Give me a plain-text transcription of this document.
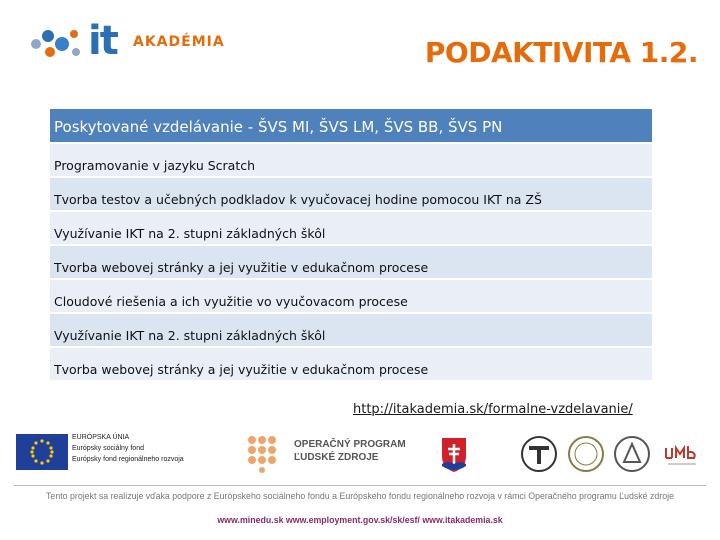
it AKADÉMIA	PODAKTIVITA 1.2.
Poskytované vzdelávanie - ŠVS MI, ŠVS LM, ŠVS BB, ŠVS PN
Programovanie v jazyku Scratch
Tvorba testov a učebných podkladov k vyučovacej hodine pomocou IKT na ZŠ
Využívanie IKT na 2. stupni základných škôl
Tvorba webovej stránky a jej využitie v edukačnom procese
Cloudové riešenia a ich využitie vo vyučovacom procese
Využívanie IKT na 2. stupni základných škôl
Tvorba webovej stránky a jej využitie v edukačnom procese
http://itakademia.sk/formalne-vzdelavanie/
EURÓPSKA ÚNIA
Európsky sociálny fond
Európsky fond regionálneho rozvoja
OPERAČNÝ PROGRAM
ĽUDSKÉ ZDROJE
Tento projekt sa realizuje vďaka podpore z Európskeho sociálneho fondu a Európskeho fondu regionálneho rozvoja v rámci Operačného programu Ľudské zdroje
www.minedu.sk www.employment.gov.sk/sk/esf/ www.itakademia.sk
